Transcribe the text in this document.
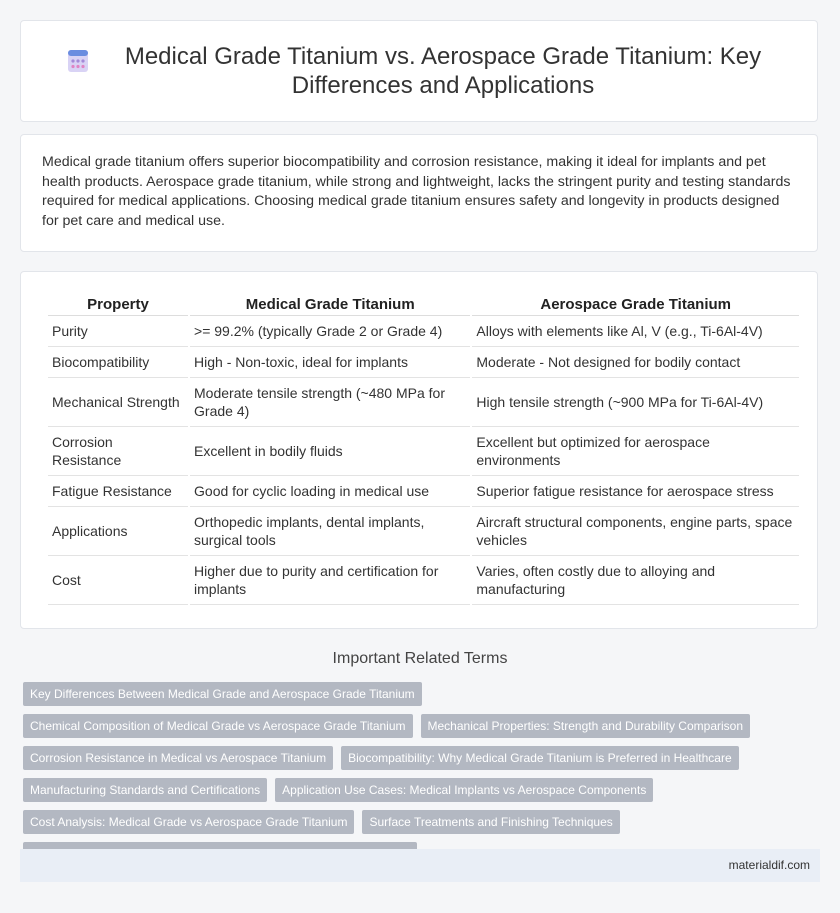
Medical Grade Titanium vs. Aerospace Grade Titanium: Key Differences and Applications

Medical grade titanium offers superior biocompatibility and corrosion resistance, making it ideal for implants and pet health products. Aerospace grade titanium, while strong and lightweight, lacks the stringent purity and testing standards required for medical applications. Choosing medical grade titanium ensures safety and longevity in products designed for pet care and medical use.

Property	Medical Grade Titanium	Aerospace Grade Titanium
Purity	>= 99.2% (typically Grade 2 or Grade 4)	Alloys with elements like Al, V (e.g., Ti-6Al-4V)
Biocompatibility	High - Non-toxic, ideal for implants	Moderate - Not designed for bodily contact
Mechanical Strength	Moderate tensile strength (~480 MPa for Grade 4)	High tensile strength (~900 MPa for Ti-6Al-4V)
Corrosion Resistance	Excellent in bodily fluids	Excellent but optimized for aerospace environments
Fatigue Resistance	Good for cyclic loading in medical use	Superior fatigue resistance for aerospace stress
Applications	Orthopedic implants, dental implants, surgical tools	Aircraft structural components, engine parts, space vehicles
Cost	Higher due to purity and certification for implants	Varies, often costly due to alloying and manufacturing
Important Related Terms
Key Differences Between Medical Grade and Aerospace Grade Titanium
Chemical Composition of Medical Grade vs Aerospace Grade Titanium	Mechanical Properties: Strength and Durability Comparison
Corrosion Resistance in Medical vs Aerospace Titanium	Biocompatibility: Why Medical Grade Titanium is Preferred in Healthcare
Manufacturing Standards and Certifications	Application Use Cases: Medical Implants vs Aerospace Components
Cost Analysis: Medical Grade vs Aerospace Grade Titanium	Surface Treatments and Finishing Techniques
materialdif.com
